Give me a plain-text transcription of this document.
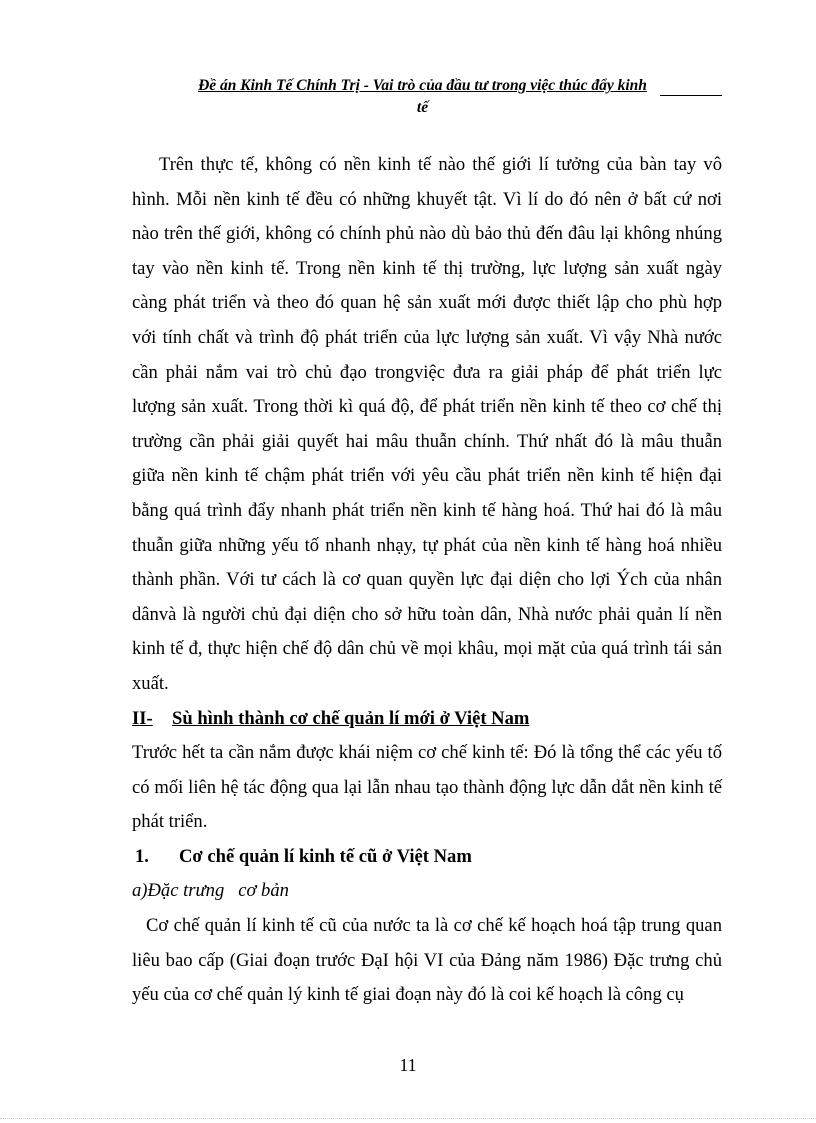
Đề án Kinh Tế Chính Trị - Vai trò của đầu tư trong việc thúc đẩy kinh
tế
Trên thực tế, không có nền kinh tế nào thế giới lí tưởng của bàn tay vô
hình. Mỗi nền kinh tế đều có những khuyết tật. Vì lí do đó nên ở bất cứ nơi
nào trên thế giới, không có chính phủ nào dù bảo thủ đến đâu lại không nhúng
tay vào nền kinh tế. Trong nền kinh tế thị trường, lực lượng sản xuất ngày
càng phát triển và theo đó quan hệ sản xuất mới được thiết lập cho phù hợp
với tính chất và trình độ phát triển của lực lượng sản xuất. Vì vậy Nhà nước
cần phải nắm vai trò chủ đạo trongviệc đưa ra giải pháp để phát triển lực
lượng sản xuất. Trong thời kì quá độ, để phát triển nền kinh tế theo cơ chế thị
trường cần phải giải quyết hai mâu thuẫn chính. Thứ nhất đó là mâu thuẫn
giữa nền kinh tế chậm phát triển với yêu cầu phát triển nền kinh tế hiện đại
bằng quá trình đẩy nhanh phát triển nền kinh tế hàng hoá. Thứ hai đó là mâu
thuẫn giữa những yếu tố nhanh nhạy, tự phát của nền kinh tế hàng hoá nhiều
thành phần. Với tư cách là cơ quan quyền lực đại diện cho lợi Ých của nhân
dânvà là người chủ đại diện cho sở hữu toàn dân, Nhà nước phải quản lí nền
kinh tế đ, thực hiện chế độ dân chủ về mọi khâu, mọi mặt của quá trình tái sản
xuất.
II- Sù hình thành cơ chế quản lí mới ở Việt Nam
Trước hết ta cần nắm được khái niệm cơ chế kinh tế: Đó là tổng thể các yếu tố
có mối liên hệ tác động qua lại lẫn nhau tạo thành động lực dẫn dắt nền kinh tế
phát triển.
1. Cơ chế quản lí kinh tế cũ ở Việt Nam
a)Đặc trưng   cơ bản
Cơ chế quản lí kinh tế cũ của nước ta là cơ chế kế hoạch hoá tập trung quan
liêu bao cấp (Giai đoạn trước ĐạI hội VI của Đảng năm 1986) Đặc trưng chủ
yếu của cơ chế quản lý kinh tế giai đoạn này đó là coi kế hoạch là công cụ
11
